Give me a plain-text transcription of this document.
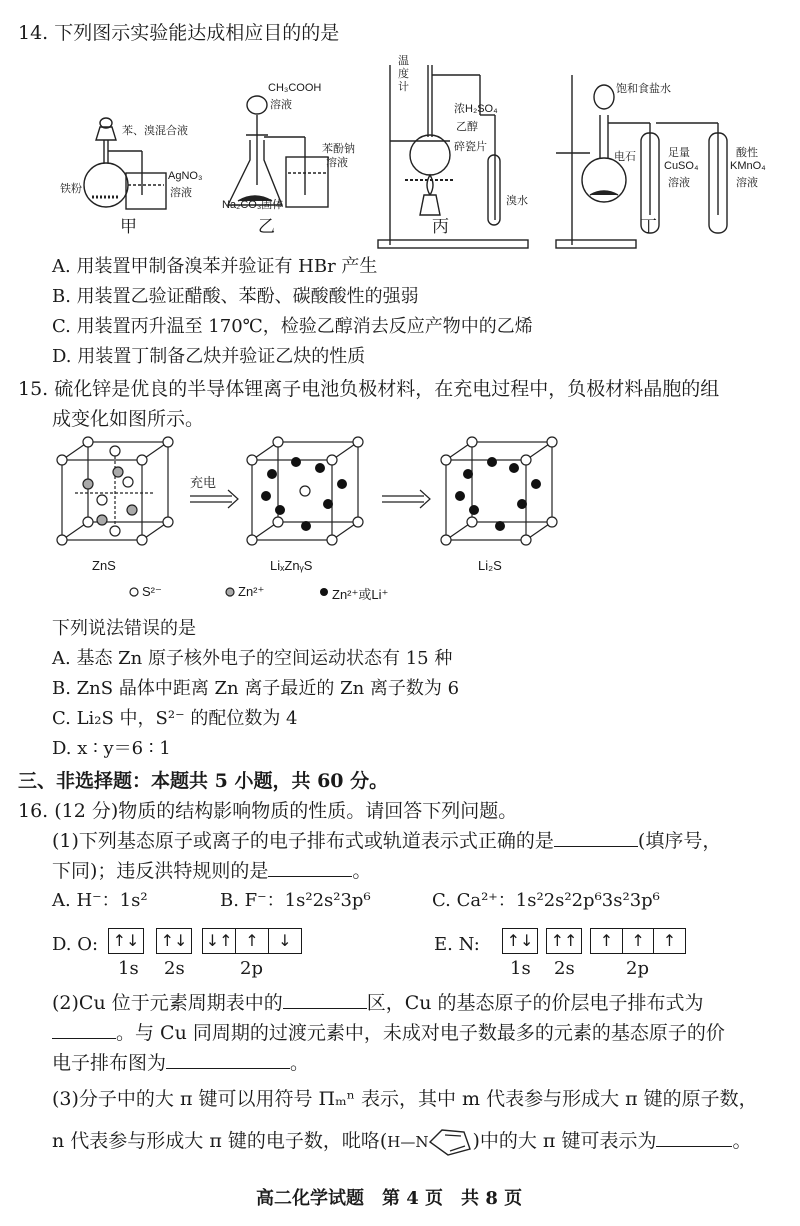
14. 下列图示实验能达成相应目的的是
苯、溴混合液
铁粉
AgNO₃
溶液
甲
CH₃COOH
溶液
苯酚钠
溶液
Na₂CO₃固体
乙
温
度
计
浓H₂SO₄
乙醇
碎瓷片
溴水
丙
饱和食盐水
电石	足量
CuSO₄
溶液
酸性
KMnO₄
溶液
丁
A. 用装置甲制备溴苯并验证有 HBr 产生
B. 用装置乙验证醋酸、苯酚、碳酸酸性的强弱
C. 用装置丙升温至 170℃，检验乙醇消去反应产物中的乙烯
D. 用装置丁制备乙炔并验证乙炔的性质
15. 硫化锌是优良的半导体锂离子电池负极材料，在充电过程中，负极材料晶胞的组
成变化如图所示。
充电
ZnS	LiₓZnᵧS	Li₂S
S²⁻	Zn²⁺	Zn²⁺或Li⁺
下列说法错误的是
A. 基态 Zn 原子核外电子的空间运动状态有 15 种
B. ZnS 晶体中距离 Zn 离子最近的 Zn 离子数为 6
C. Li₂S 中，S²⁻ 的配位数为 4
D. x ∶ y＝6 ∶ 1
三、非选择题：本题共 5 小题，共 60 分。
16. (12 分)物质的结构影响物质的性质。请回答下列问题。
(1)下列基态原子或离子的电子排布式或轨道表示式正确的是	(填序号，
下同)；违反洪特规则的是	。
A. H⁻：1s²	B. F⁻：1s²2s²3p⁶	C. Ca²⁺：1s²2s²2p⁶3s²3p⁶
D. O: ↑↓ ↑↓ ↓↑ ↑	↓
1s 2s	2p
E. N: ↑↓ ↑↑	↑	↑	↑
1s 2s	2p
(2)Cu 位于元素周期表中的	区，Cu 的基态原子的价层电子排布式为
。与 Cu 同周期的过渡元素中，未成对电子数最多的元素的基态原子的价
电子排布图为	。
(3)分子中的大 π 键可以用符号 Πₘⁿ 表示，其中 m 代表参与形成大 π 键的原子数，
n 代表参与形成大 π 键的电子数，吡咯(H—N )中的大 π 键可表示为	。
高二化学试题　第 4 页　共 8 页
